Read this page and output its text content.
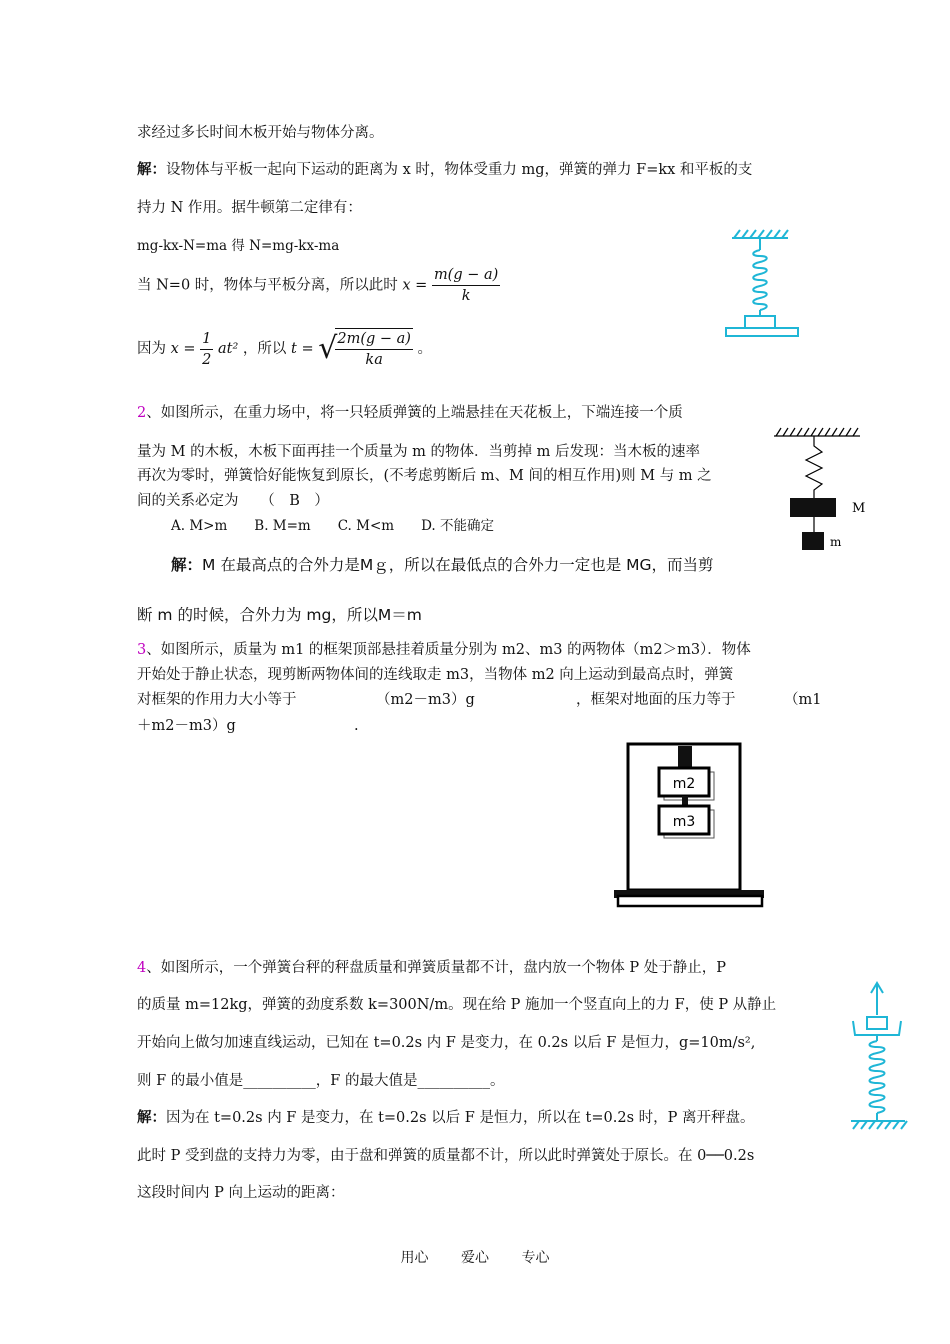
求经过多长时间木板开始与物体分离。
解：设物体与平板一起向下运动的距离为 x 时，物体受重力 mg，弹簧的弹力 F=kx 和平板的支
持力 N 作用。据牛顿第二定律有：
mg-kx-N=ma 得 N=mg-kx-ma
当 N=0 时，物体与平板分离，所以此时 $x = \frac{m(g - a)}{k}$
因为 $x = \frac{1}{2} at^2$ ，所以 t = √
$\frac{2m(g - a)}{ka}$ 。
2、如图所示，在重力场中，将一只轻质弹簧的上端悬挂在天花板上，下端连接一个质
量为 M 的木板，木板下面再挂一个质量为 m 的物体．当剪掉 m 后发现：当木板的速率
再次为零时，弹簧恰好能恢复到原长，(不考虑剪断后 m、M 间的相互作用)则 M 与 m 之
间的关系必定为　　（　B　）
A. M>m　　B. M=m　　C. M<m　　D. 不能确定
解：M 在最高点的合外力是Mｇ，所以在最低点的合外力一定也是 MG，而当剪
断 m 的时候，合外力为 mg，所以M＝m
M
m
3、如图所示，质量为 m1 的框架顶部悬挂着质量分别为 m2、m3 的两物体（m2＞m3）．物体
开始处于静止状态，现剪断两物体间的连线取走 m3，当物体 m2 向上运动到最高点时，弹簧
对框架的作用力大小等于	（m2－m3）g	，框架对地面的压力等于	（m1
＋m2－m3）g	.
m2
m3
4、如图所示，一个弹簧台秤的秤盘质量和弹簧质量都不计，盘内放一个物体 P 处于静止，P
的质量 m=12kg，弹簧的劲度系数 k=300N/m。现在给 P 施加一个竖直向上的力 F，使 P 从静止
开始向上做匀加速直线运动，已知在 t=0.2s 内 F 是变力，在 0.2s 以后 F 是恒力，g=10m/s²,
则 F 的最小值是__________，F 的最大值是__________。
解：因为在 t=0.2s 内 F 是变力，在 t=0.2s 以后 F 是恒力，所以在 t=0.2s 时，P 离开秤盘。
此时 P 受到盘的支持力为零，由于盘和弹簧的质量都不计，所以此时弹簧处于原长。在 0──0.2s
这段时间内 P 向上运动的距离：
用心 爱心 专心
